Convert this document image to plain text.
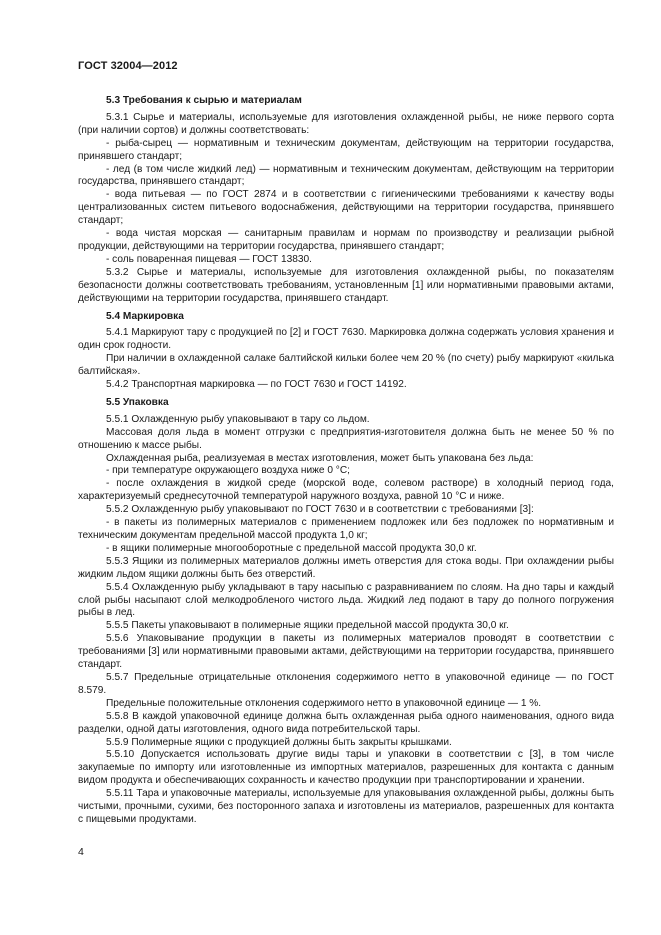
ГОСТ 32004—2012
5.3 Требования к сырью и материалам

5.3.1 Сырье и материалы, используемые для изготовления охлажденной рыбы, не ниже первого сорта (при наличии сортов) и должны соответствовать:

- рыба-сырец — нормативным и техническим документам, действующим на территории государства, принявшего стандарт;

- лед (в том числе жидкий лед) — нормативным и техническим документам, действующим на территории государства, принявшего стандарт;

- вода питьевая — по ГОСТ 2874 и в соответствии с гигиеническими требованиями к качеству воды централизованных систем питьевого водоснабжения, действующими на территории государства, принявшего стандарт;

- вода чистая морская — санитарным правилам и нормам по производству и реализации рыбной продукции, действующими на территории государства, принявшего стандарт;

- соль поваренная пищевая — ГОСТ 13830.

5.3.2 Сырье и материалы, используемые для изготовления охлажденной рыбы, по показателям безопасности должны соответствовать требованиям, установленным [1] или нормативными правовыми актами, действующими на территории государства, принявшего стандарт.

5.4 Маркировка

5.4.1 Маркируют тару с продукцией по [2] и ГОСТ 7630. Маркировка должна содержать условия хранения и один срок годности.

При наличии в охлажденной салаке балтийской кильки более чем 20 % (по счету) рыбу маркируют «килька балтийская».

5.4.2 Транспортная маркировка — по ГОСТ 7630 и ГОСТ 14192.

5.5 Упаковка

5.5.1 Охлажденную рыбу упаковывают в тару со льдом.

Массовая доля льда в момент отгрузки с предприятия-изготовителя должна быть не менее 50 % по отношению к массе рыбы.

Охлажденная рыба, реализуемая в местах изготовления, может быть упакована без льда:

- при температуре окружающего воздуха ниже 0 °С;

- после охлаждения в жидкой среде (морской воде, солевом растворе) в холодный период года, характеризуемый среднесуточной температурой наружного воздуха, равной 10 °С и ниже.

5.5.2 Охлажденную рыбу упаковывают по ГОСТ 7630 и в соответствии с требованиями [3]:

- в пакеты из полимерных материалов с применением подложек или без подложек по нормативным и техническим документам предельной массой продукта 1,0 кг;

- в ящики полимерные многооборотные с предельной массой продукта 30,0 кг.

5.5.3 Ящики из полимерных материалов должны иметь отверстия для стока воды. При охлаждении рыбы жидким льдом ящики должны быть без отверстий.

5.5.4 Охлажденную рыбу укладывают в тару насыпью с разравниванием по слоям. На дно тары и каждый слой рыбы насыпают слой мелкодробленого чистого льда. Жидкий лед подают в тару до полного погружения рыбы в лед.

5.5.5 Пакеты упаковывают в полимерные ящики предельной массой продукта 30,0 кг.

5.5.6 Упаковывание продукции в пакеты из полимерных материалов проводят в соответствии с требованиями [3] или нормативными правовыми актами, действующими на территории государства, принявшего стандарт.

5.5.7 Предельные отрицательные отклонения содержимого нетто в упаковочной единице — по ГОСТ 8.579.

Предельные положительные отклонения содержимого нетто в упаковочной единице — 1 %.

5.5.8 В каждой упаковочной единице должна быть охлажденная рыба одного наименования, одного вида разделки, одной даты изготовления, одного вида потребительской тары.

5.5.9 Полимерные ящики с продукцией должны быть закрыты крышками.

5.5.10 Допускается использовать другие виды тары и упаковки в соответствии с [3], в том числе закупаемые по импорту или изготовленные из импортных материалов, разрешенных для контакта с данным видом продукта и обеспечивающих сохранность и качество продукции при транспортировании и хранении.

5.5.11 Тара и упаковочные материалы, используемые для упаковывания охлажденной рыбы, должны быть чистыми, прочными, сухими, без посторонного запаха и изготовлены из материалов, разрешенных для контакта с пищевыми продуктами.

4
